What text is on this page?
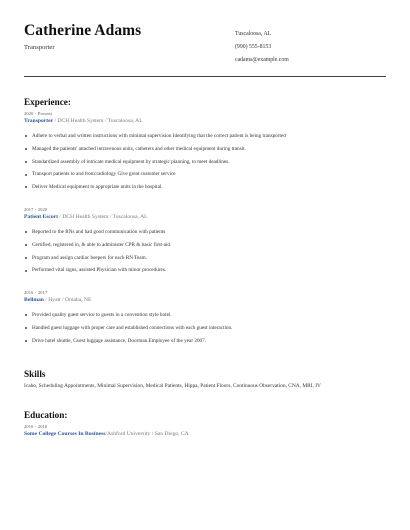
Catherine Adams
Transporter
Tuscaloosa, AL
(990) 555-8153
cadams@example.com
Experience:
2020 - Present
Transporter / DCH Health System / Tuscaloosa, AL
Adhere to verbal and written instructions with minimal supervision Identifying that the correct patient is being transported
Managed the patients' attached intravenous units, catheters and other medical equipment during transit.
Standardized assembly of intricate medical equipment by strategic planning, to meet deadlines.
Transport patients to and from:radiology Give great customer service
Deliver Medical equipment to appropriate units in the hospital.
2017 - 2020
Patient Escort / DCH Health System / Tuscaloosa, AL
Reported to the RNs and had good communication with patients
Certified, registered in, & able to administer CPR & basic first-aid.
Program and assign cardiac beepers for each RN Team.
Performed vital signs, assisted Physician with minor procedures.
2016 - 2017
Bellman / Hyatt / Omaha, NE
Provided quality guest service to guests in a convention style hotel.
Handled guest luggage with proper care and established connections with each guest interaction.
Drive hotel shuttle, Guest luggage assistance, Doorman.Employee of the year 2007.
Skills
Icaho, Scheduling Appointments, Minimal Supervision, Medical Patients, Hippa, Patient Floors, Continuous Observation, CNA, MRI, IV
Education:
2016 - 2016
Some College Courses In Business/Ashford University / San Diego, CA
